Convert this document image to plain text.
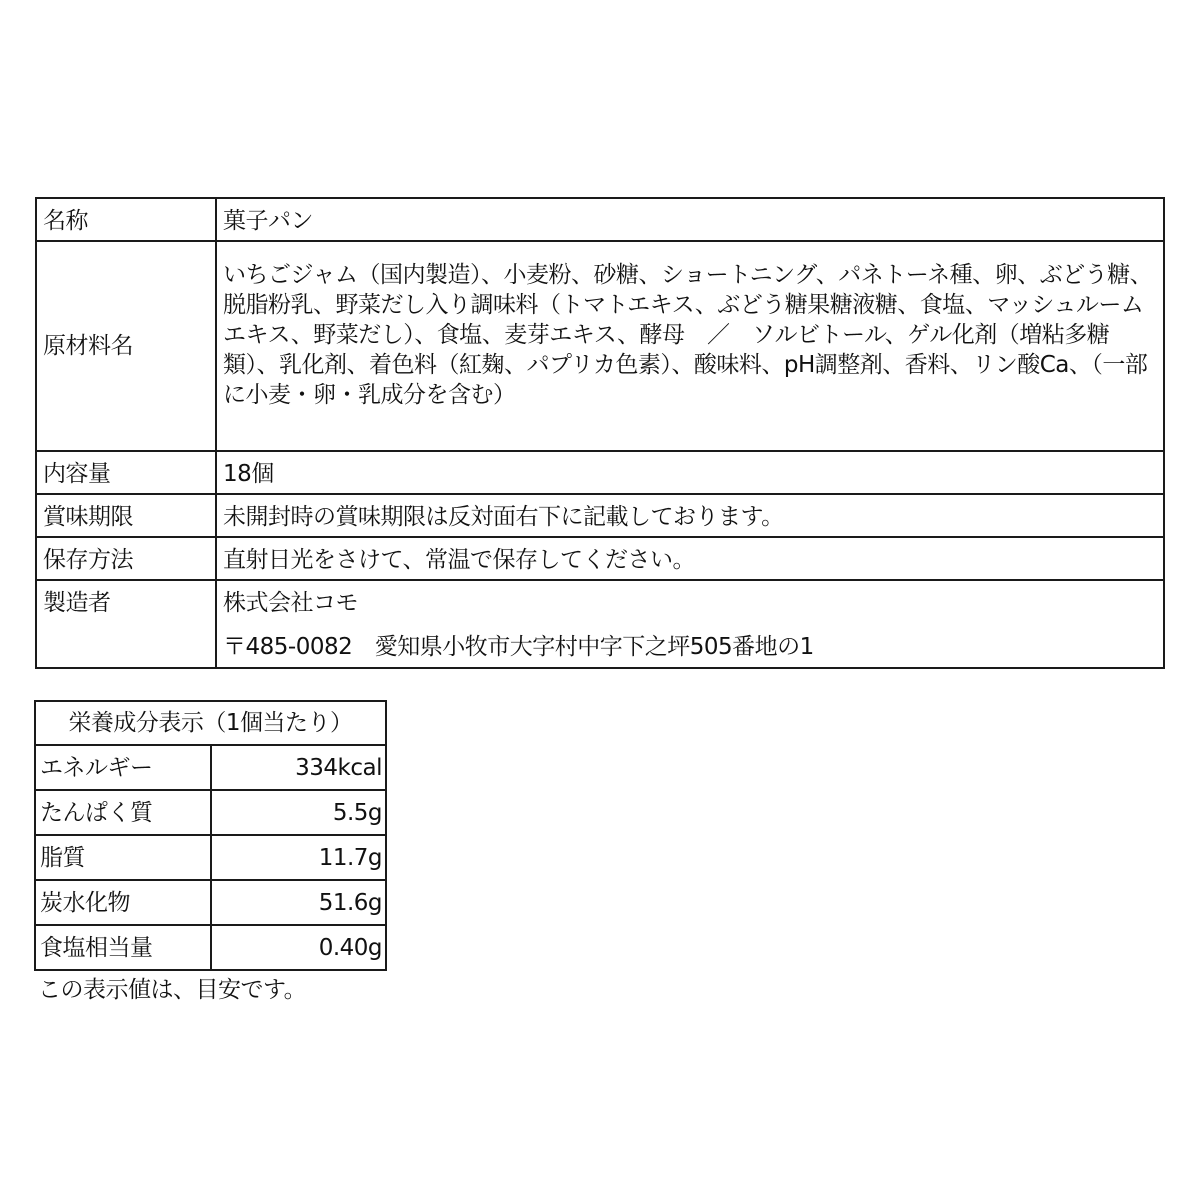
名称	菓子パン
原材料名	いちごジャム（国内製造）、小麦粉、砂糖、ショートニング、パネトーネ種、卵、ぶどう糖、脱脂粉乳、野菜だし入り調味料（トマトエキス、ぶどう糖果糖液糖、食塩、マッシュルームエキス、野菜だし）、食塩、麦芽エキス、酵母　／　ソルビトール、ゲル化剤（増粘多糖類）、乳化剤、着色料（紅麹、パプリカ色素）、酸味料、pH調整剤、香料、リン酸Ca、（一部に小麦・卵・乳成分を含む）
内容量	18個
賞味期限	未開封時の賞味期限は反対面右下に記載しております。
保存方法	直射日光をさけて、常温で保存してください。
製造者	株式会社コモ
〒485-0082　愛知県小牧市大字村中字下之坪505番地の1
栄養成分表示（1個当たり）	
エネルギー	334kcal
たんぱく質	5.5g
脂質	11.7g
炭水化物	51.6g
食塩相当量	0.40g
この表示値は、目安です。
